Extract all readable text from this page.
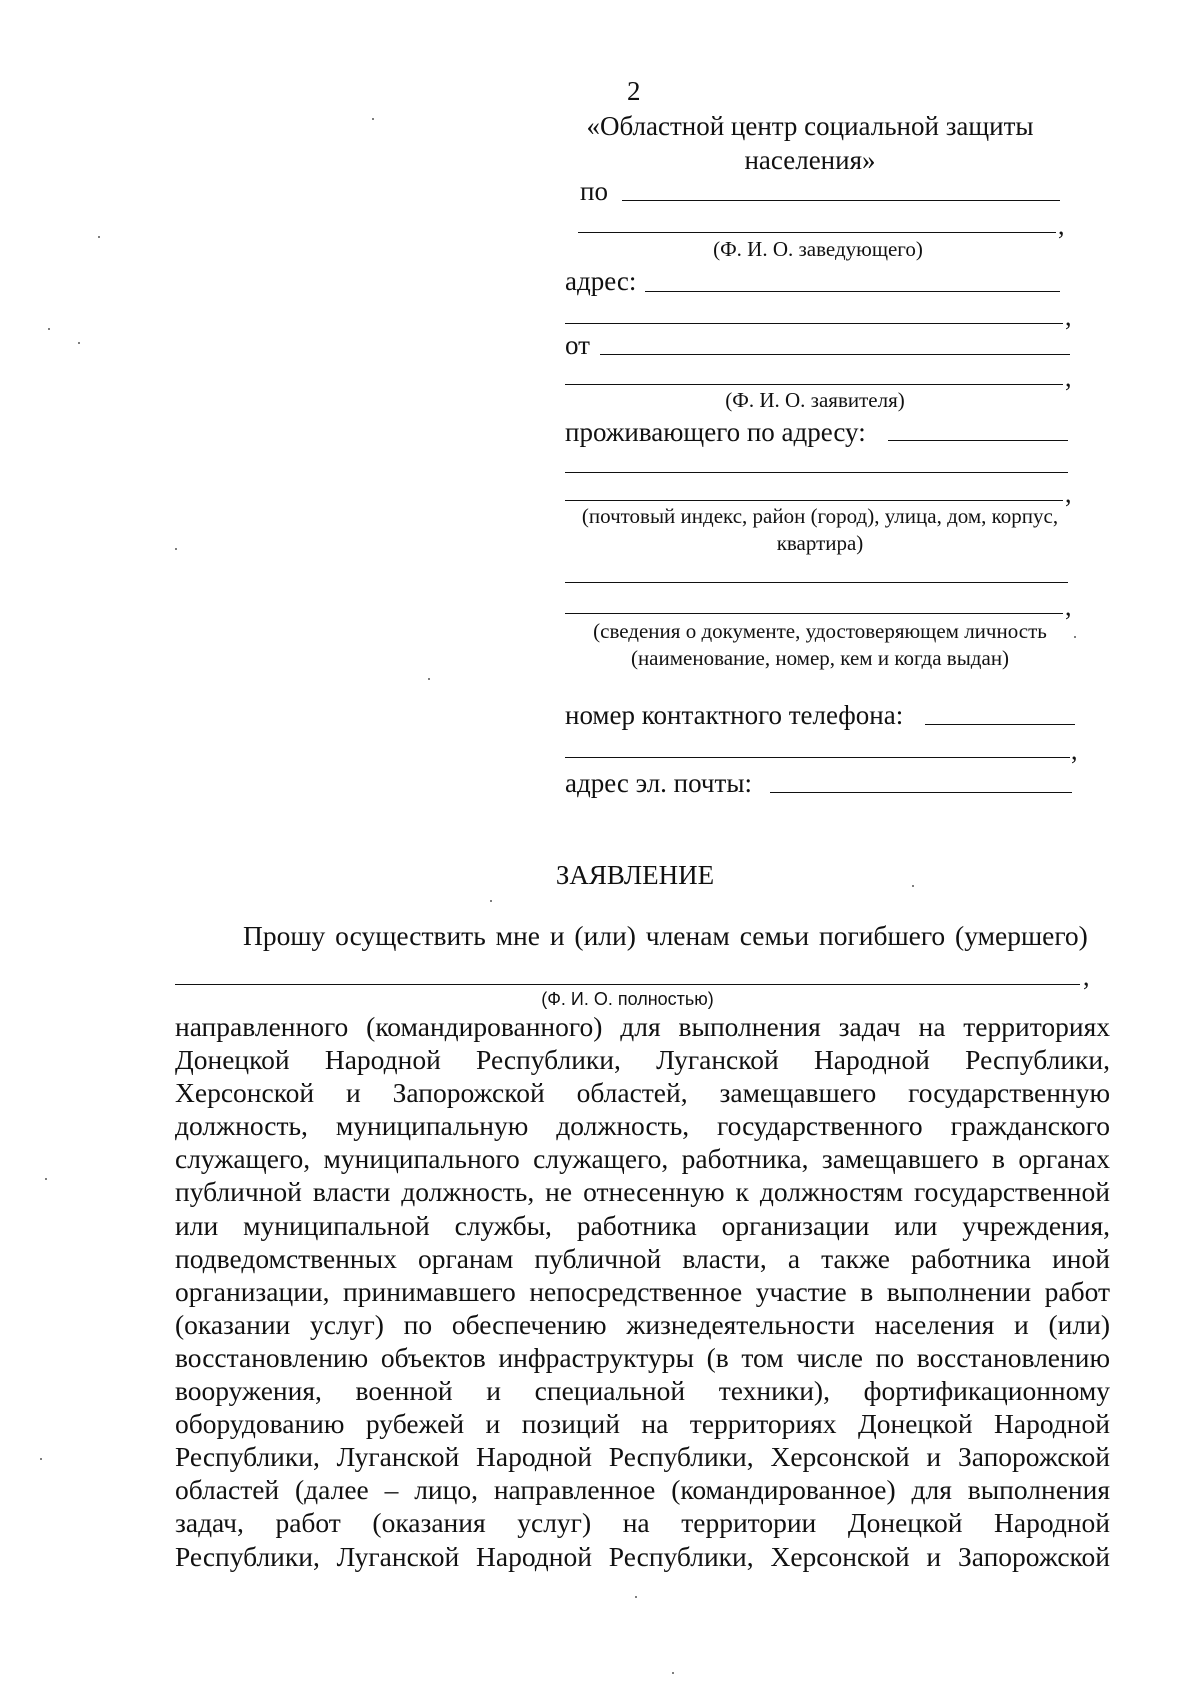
2
«Областной центр социальной защиты
населения»
по
,
(Ф. И. О. заведующего)
адрес:
,
от
,
(Ф. И. О. заявителя)
проживающего по адресу:
,
(почтовый индекс, район (город), улица, дом, корпус,
квартира)
,
(сведения о документе, удостоверяющем личность
(наименование, номер, кем и когда выдан)
номер контактного телефона:
,
адрес эл. почты:
ЗАЯВЛЕНИЕ
Прошу осуществить мне и (или) членам семьи погибшего (умершего)
,
(Ф. И. О. полностью)
направленного (командированного) для выполнения задач на территориях
Донецкой Народной Республики, Луганской Народной Республики,
Херсонской и Запорожской областей, замещавшего государственную
должность, муниципальную должность, государственного гражданского
служащего, муниципального служащего, работника, замещавшего в органах
публичной власти должность, не отнесенную к должностям государственной
или муниципальной службы, работника организации или учреждения,
подведомственных органам публичной власти, а также работника иной
организации, принимавшего непосредственное участие в выполнении работ
(оказании услуг) по обеспечению жизнедеятельности населения и (или)
восстановлению объектов инфраструктуры (в том числе по восстановлению
вооружения, военной и специальной техники), фортификационному
оборудованию рубежей и позиций на территориях Донецкой Народной
Республики, Луганской Народной Республики, Херсонской и Запорожской
областей (далее – лицо, направленное (командированное) для выполнения
задач, работ (оказания услуг) на территории Донецкой Народной
Республики, Луганской Народной Республики, Херсонской и Запорожской
